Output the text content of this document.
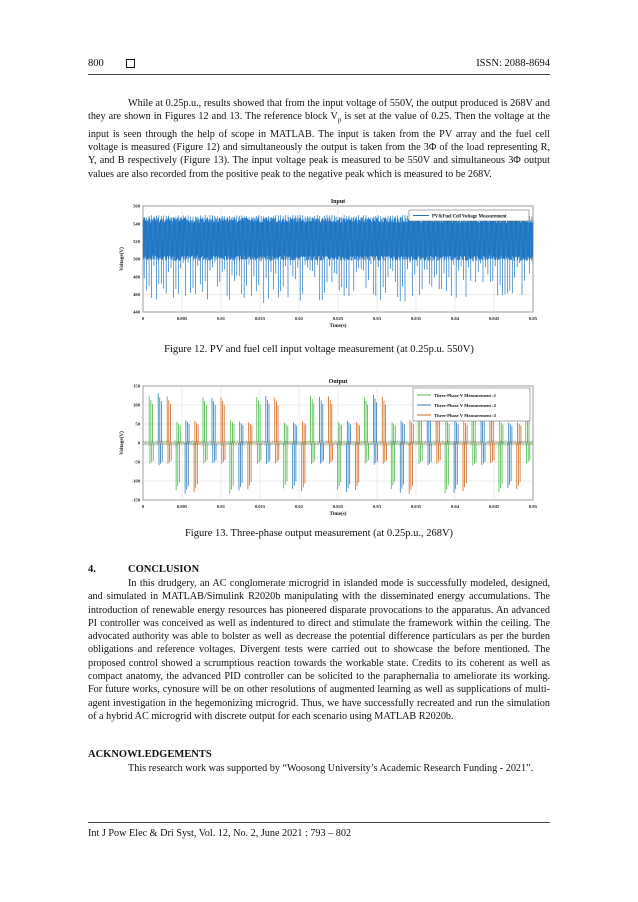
800	ISSN: 2088-8694

While at 0.25p.u., results showed that from the input voltage of 550V, the output produced is 268V and they are shown in Figures 12 and 13. The reference block $V_p$ is set at the value of 0.25. Then the voltage at the input is seen through the help of scope in MATLAB. The input is taken from the PV array and the fuel cell voltage is measured (Figure 12) and simultaneously the output is taken from the 3Φ of the load representing R, Y, and B respectively (Figure 13). The input voltage peak is measured to be 550V and simultaneous 3Φ output values are also recorded from the positive peak to the negative peak which is measured to be 268V.

0	0.005	0.01	0.015	0.02	0.025	0.03	0.035	0.04	0.045	0.05
440
460
480
500
520
540
560
Input
Time(s)
Voltage(V)
PV&Fuel Cell Voltage Measurement
Figure 12. PV and fuel cell input voltage measurement (at 0.25p.u. 550V)
0	0.005	0.01	0.015	0.02	0.025	0.03	0.035	0.04	0.045	0.05
150
100
50
0
-50
-100
-150
Output
Time(s)
Voltage(V)
Three-Phase V Measurement :1
Three-Phase V Measurement :2
Three-Phase V Measurement :3
Figure 13. Three-phase output measurement (at 0.25p.u., 268V)
4.	CONCLUSION

In this drudgery, an AC conglomerate microgrid in islanded mode is successfully modeled, designed, and simulated in MATLAB/Simulink R2020b manipulating with the disseminated energy accumulations. The introduction of renewable energy resources has pioneered disparate provocations to the apparatus. An advanced PI controller was conceived as well as indentured to direct and stimulate the framework within the ceiling. The advocated authority was able to bolster as well as decrease the potential difference particulars as per the burden obligations and reference voltages. Divergent tests were carried out to showcase the before mentioned. The proposed control showed a scrumptious reaction towards the workable state. Credits to its coherent as well as compact anatomy, the advanced PID controller can be solicited to the paraphernalia to ameliorate its working. For future works, cynosure will be on other resolutions of augmented learning as well as supplications of multi-agent investigation in the hegemonizing microgrid. Thus, we have successfully recreated and run the simulation of a hybrid AC microgrid with discrete output for each scenario using MATLAB R2020b.

ACKNOWLEDGEMENTS

This research work was supported by “Woosong University’s Academic Research Funding - 2021”.

Int J Pow Elec & Dri Syst, Vol. 12, No. 2, June 2021 : 793 – 802
